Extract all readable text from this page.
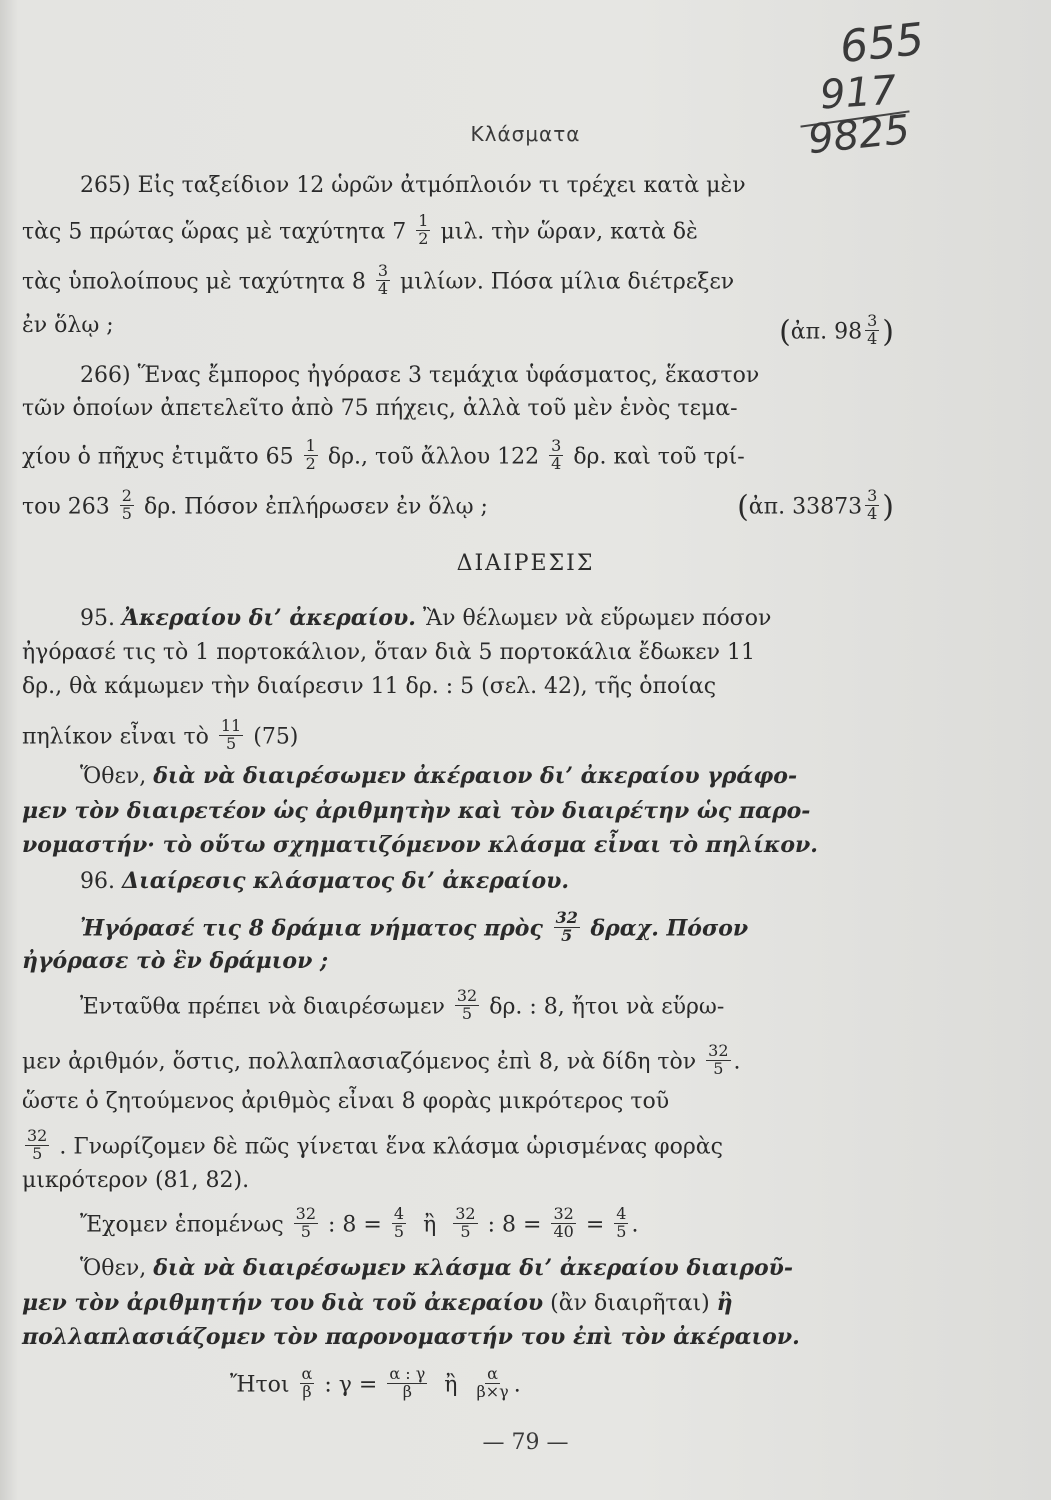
655
917
9825
Κλάσματα
265) Εἰς ταξείδιον 12 ὡρῶν ἀτμόπλοιόν τι τρέχει κατὰ μὲν
τὰς 5 πρώτας ὥρας μὲ ταχύτητα $7 \frac{1}{2} \mu\iota\lambda$. τὴν ὥραν, κατὰ δὲ
τὰς ὑπολοίπους μὲ ταχύτητα $8 \frac{3}{4} \mu\iota\lambda ί\omega\nu$. Πόσα μίλια διέτρεξεν
ἐν ὅλῳ ;	(ἀπ. $98 \frac{3}{4}$ )
266) Ἕνας ἔμπορος ἠγόρασε 3 τεμάχια ὑφάσματος, ἕκαστον
τῶν ὁποίων ἀπετελεῖτο ἀπὸ 75 πήχεις, ἀλλὰ τοῦ μὲν ἑνὸς τεμα-
χίου ὁ πῆχυς ἐτιμᾶτο $65 \frac{1}{2} \delta\rho$., τοῦ ἄλλου $122 \frac{3}{4} \delta\rho$. καὶ τοῦ τρί-
του $263 \frac{2}{5} \delta\rho$. Πόσον ἐπλήρωσεν ἐν ὅλῳ ;	(ἀπ. $33873 \frac{3}{4}$ )
ΔΙΑΙΡΕΣΙΣ
95. Ἀκεραίου δι’ ἀκεραίου. Ἂν θέλωμεν νὰ εὕρωμεν πόσον
ἠγόρασέ τις τὸ 1 πορτοκάλιον, ὅταν διὰ 5 πορτοκάλια ἔδωκεν 11
δρ., θὰ κάμωμεν τὴν διαίρεσιν 11 δρ. : 5 (σελ. 42), τῆς ὁποίας
πηλίκον εἶναι τὸ $\frac{11}{5} (75)$
Ὅθεν, διὰ νὰ διαιρέσωμεν ἀκέραιον δι’ ἀκεραίου γράφο-
μεν τὸν διαιρετέον ὡς ἀριθμητὴν καὶ τὸν διαιρέτην ὡς παρο-
νομαστήν· τὸ οὕτω σχηματιζόμενον κλάσμα εἶναι τὸ πηλίκον.
96. Διαίρεσις κλάσματος δι’ ἀκεραίου.
Ἠγόρασέ τις 8 δράμια νήματος πρὸς $\frac{32}{5} \delta\rho\alpha\chi$. Πόσον
ἠγόρασε τὸ ἓν δράμιον ;
Ἐνταῦθα πρέπει νὰ διαιρέσωμεν $\frac{32}{5} \delta\rho$. : 8, ἤτοι νὰ εὕρω-
μεν ἀριθμόν, ὅστις, πολλαπλασιαζόμενος ἐπὶ 8, νὰ δίδη τὸν $\frac{32}{5}$ .
ὥστε ὁ ζητούμενος ἀριθμὸς εἶναι 8 φορὰς μικρότερος τοῦ
$\frac{32}{5}$ . Γνωρίζομεν δὲ πῶς γίνεται ἕνα κλάσμα ὡρισμένας φορὰς
μικρότερον (81, 82).
Ἔχομεν ἑπομένως $\frac{32}{5}$ : $8 = \frac{4}{5}$ ἢ $\frac{32}{5}$ : $8 = \frac{32}{40} = \frac{4}{5}$ .
Ὅθεν, διὰ νὰ διαιρέσωμεν κλάσμα δι’ ἀκεραίου διαιροῦ-
μεν τὸν ἀριθμητήν του διὰ τοῦ ἀκεραίου (ἂν διαιρῆται) ἢ
πολλαπλασιάζομεν τὸν παρονομαστήν του ἐπὶ τὸν ἀκέραιον.
Ἤτοι $\frac{\alpha}{\beta}$ : $\gamma = \frac{\alpha : \gamma}{\beta}$ ἢ $\frac{\alpha}{\beta\times\gamma}$ .
— 79 —
